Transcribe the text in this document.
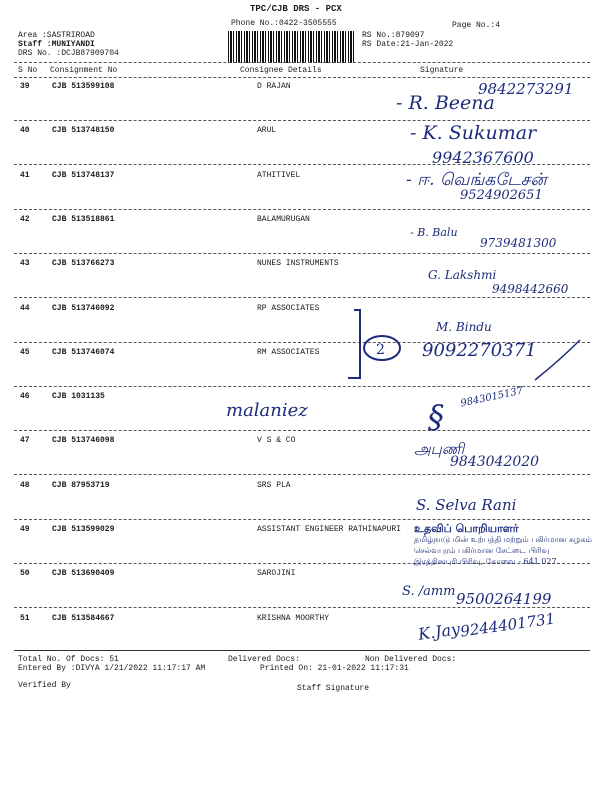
TPC/CJB DRS - PCX
Phone No.:0422-3505555
Area :SASTRIROAD
Staff :MUNIYANDI
DRS No. :DCJB87909704
RS No.:879097
RS Date:21-Jan-2022
Page No.:4
S No Consignment No	Consignee Details	Signature
39	CJB 513599108	D RAJAN
40	CJB 513748150	ARUL
41	CJB 513748137	ATHITIVEL
42	CJB 513518861	BALAMURUGAN
43	CJB 513766273	NUNES INSTRUMENTS
44	CJB 513746092	RP ASSOCIATES
45	CJB 513746074	RM ASSOCIATES
46	CJB 1031135
47	CJB 513746098	V S & CO
48	CJB 87953719	SRS PLA
49	CJB 513599029	ASSISTANT ENGINEER RATHINAPURI
50	CJB 513690409	SAROJINI
51	CJB 513584667	KRISHNA MOORTHY
9842273291
- R. Beena
- K. Sukumar
9942367600
- ஈ. வெங்கடேசன்
9524902651
- B. Balu
9739481300
G. Lakshmi
9498442660
2
M. Bindu
9092270371
malaniez	§
9843015137
அபுணி
9843042020
S. Selva Rani
உதவிப் பொறியாளர்
தமிழ்நாடு மின் உற்பத்தி மற்றும் பகிர்மான கழகம்
செல்வபுரம் பகிர்மான சேட்டை பிரிவு
இரத்தினபுரி பிரிவு, கோவை - 641 027.
S. /amm 9500264199
K.Jay
9244401731
Total No. Of Docs: 51	Delivered Docs:	Non Delivered Docs:
Entered By :DIVYA 1/21/2022 11:17:17 AM	Printed On: 21-01-2022 11:17:31
Verified By	Staff Signature
